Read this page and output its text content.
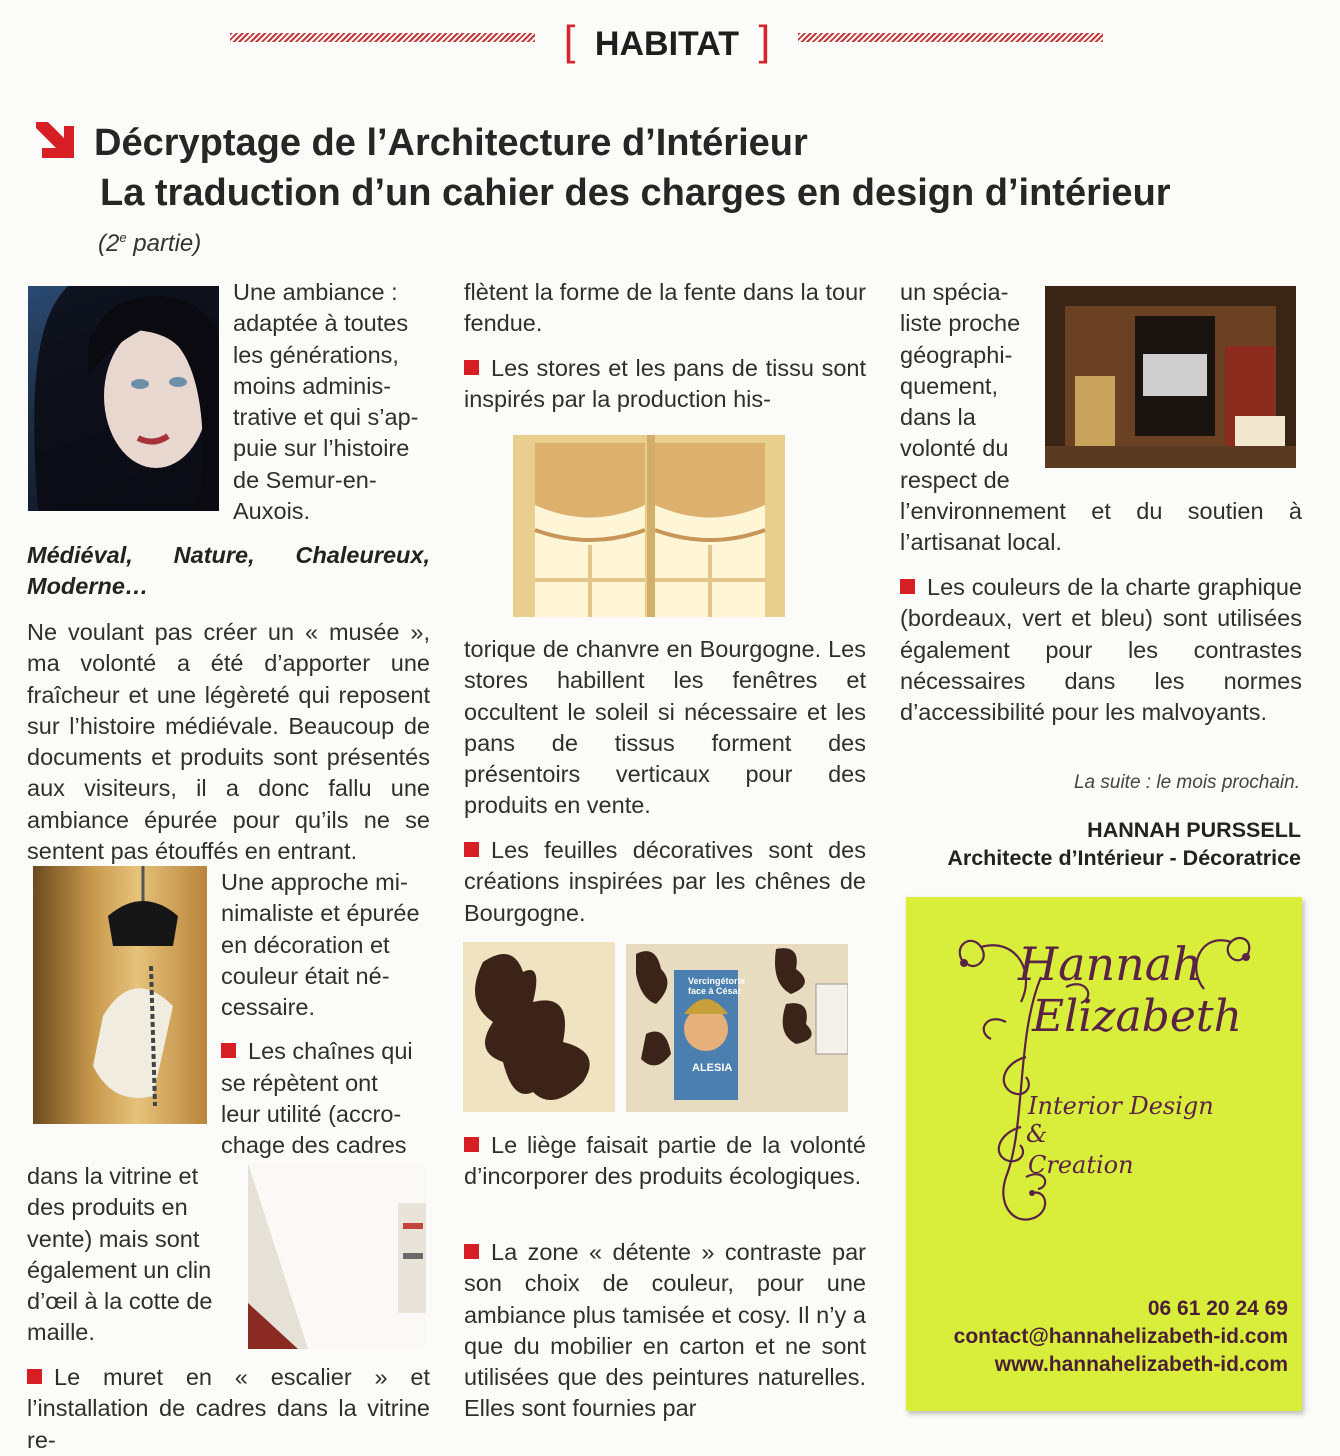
[ HABITAT ]
Décryptage de l’Architecture d’Intérieur
La traduction d’un cahier des charges en design d’intérieur
(2e partie)

Une ambiance :

adaptée à toutes

les générations,

moins adminis-

trative et qui s’ap-

puie sur l’histoire

de Semur-en-

Auxois.

Médiéval, Nature, Chaleureux,

Moderne…

Ne voulant pas créer un « musée », ma volonté a été d’apporter une fraîcheur et une légèreté qui reposent sur l’histoire médiévale. Beaucoup de documents et produits sont présentés aux visiteurs, il a donc fallu une ambiance épurée pour qu’ils ne se sentent pas étouffés en entrant.

Une approche mi-

nimaliste et épurée

en décoration et

couleur était né-

cessaire.

Les chaînes qui

se répètent ont

leur utilité (accro-

chage des cadres

dans la vitrine et

des produits en

vente) mais sont

également un clin

d’œil à la cotte de

maille.

Le muret en « escalier » et l’installation de cadres dans la vitrine re-
flètent la forme de la fente dans la tour fendue.
Les stores et les pans de tissu sont inspirés par la production his-
torique de chanvre en Bourgogne. Les stores habillent les fenêtres et occultent le soleil si nécessaire et les pans de tissus forment des présentoirs verticaux pour des produits en vente.
Les feuilles décoratives sont des créations inspirées par les chênes de Bourgogne.
Vercingétorix
face à César
ALESIA
Le liège faisait partie de la volonté d’incorporer des produits écologiques.
La zone « détente » contraste par son choix de couleur, pour une ambiance plus tamisée et cosy. Il n’y a que du mobilier en carton et ne sont utilisées que des peintures naturelles. Elles sont fournies par

un spécia-

liste proche

géographi-

quement,

dans la

volonté du

respect de

l’environnement et du soutien à l’artisanat local.
Les couleurs de la charte graphique (bordeaux, vert et bleu) sont utilisées également pour les contrastes nécessaires dans les normes d’accessibilité pour les malvoyants.
La suite : le mois prochain.
HANNAH PURSSELL
Architecte d’Intérieur - Décoratrice
Hannah
Elizabeth
Interior Design
&
Creation
06 61 20 24 69
contact@hannahelizabeth-id.com
www.hannahelizabeth-id.com
